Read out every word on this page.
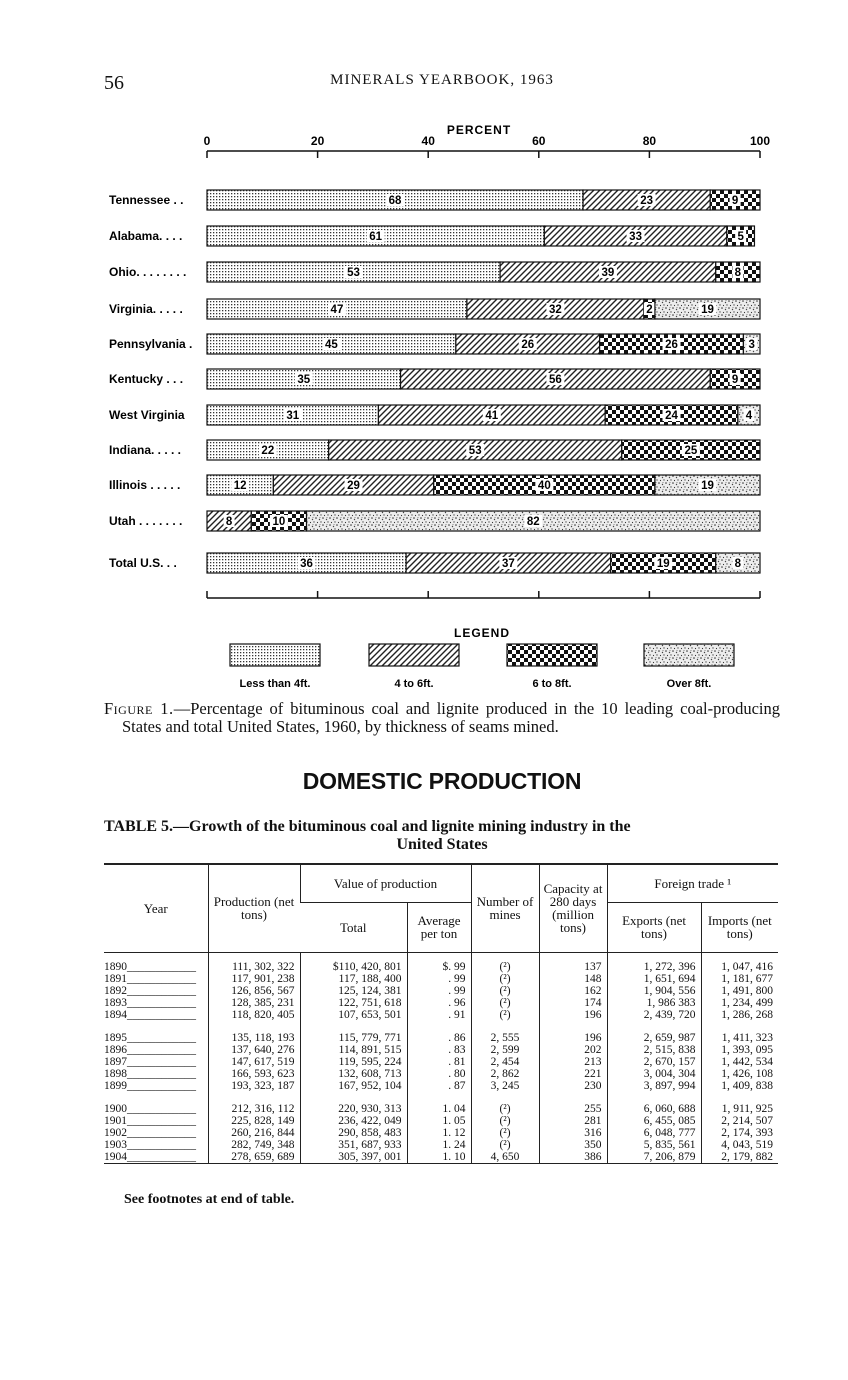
56	MINERALS YEARBOOK, 1963
PERCENT
0	20	40	60	80	100
Tennessee . .	68	23	9
Alabama. . . .	61	33	5
Ohio. . . . . . . .	53	39	8
Virginia. . . . .	47	32	2	19
Pennsylvania .	45	26	26	3
Kentucky . . .	35	56	9
West Virginia	31	41	24	4
Indiana. . . . .	22	53	25
Illinois . . . . .	12	29	40	19
Utah . . . . . . .	8	10	82
Total U.S. . .	36	37	19	8
LEGEND
Less than 4ft.	4 to 6ft.	6 to 8ft.	Over 8ft.
Figure 1.—Percentage of bituminous coal and lignite produced in the 10 leading coal-producing States and total United States, 1960, by thickness of seams mined.
DOMESTIC PRODUCTION
TABLE 5.—Growth of the bituminous coal and lignite mining industry in the
United States
Year	Production (net tons)	Value of production		Number of mines	Capacity at 280 days (million tons)	Foreign trade ¹	
		Total	Average per ton			Exports (net tons)	Imports (net tons)
1890____________	111, 302, 322	$110, 420, 801	$. 99	(²)	137	1, 272, 396	1, 047, 416
1891____________	117, 901, 238	117, 188, 400	. 99	(²)	148	1, 651, 694	1, 181, 677
1892____________	126, 856, 567	125, 124, 381	. 99	(²)	162	1, 904, 556	1, 491, 800
1893____________	128, 385, 231	122, 751, 618	. 96	(²)	174	1, 986 383	1, 234, 499
1894____________	118, 820, 405	107, 653, 501	. 91	(²)	196	2, 439, 720	1, 286, 268

1895____________	135, 118, 193	115, 779, 771	. 86	2, 555	196	2, 659, 987	1, 411, 323
1896____________	137, 640, 276	114, 891, 515	. 83	2, 599	202	2, 515, 838	1, 393, 095
1897____________	147, 617, 519	119, 595, 224	. 81	2, 454	213	2, 670, 157	1, 442, 534
1898____________	166, 593, 623	132, 608, 713	. 80	2, 862	221	3, 004, 304	1, 426, 108
1899____________	193, 323, 187	167, 952, 104	. 87	3, 245	230	3, 897, 994	1, 409, 838

1900____________	212, 316, 112	220, 930, 313	1. 04	(²)	255	6, 060, 688	1, 911, 925
1901____________	225, 828, 149	236, 422, 049	1. 05	(²)	281	6, 455, 085	2, 214, 507
1902____________	260, 216, 844	290, 858, 483	1. 12	(²)	316	6, 048, 777	2, 174, 393
1903____________	282, 749, 348	351, 687, 933	1. 24	(²)	350	5, 835, 561	4, 043, 519
1904____________	278, 659, 689	305, 397, 001	1. 10	4, 650	386	7, 206, 879	2, 179, 882
See footnotes at end of table.
